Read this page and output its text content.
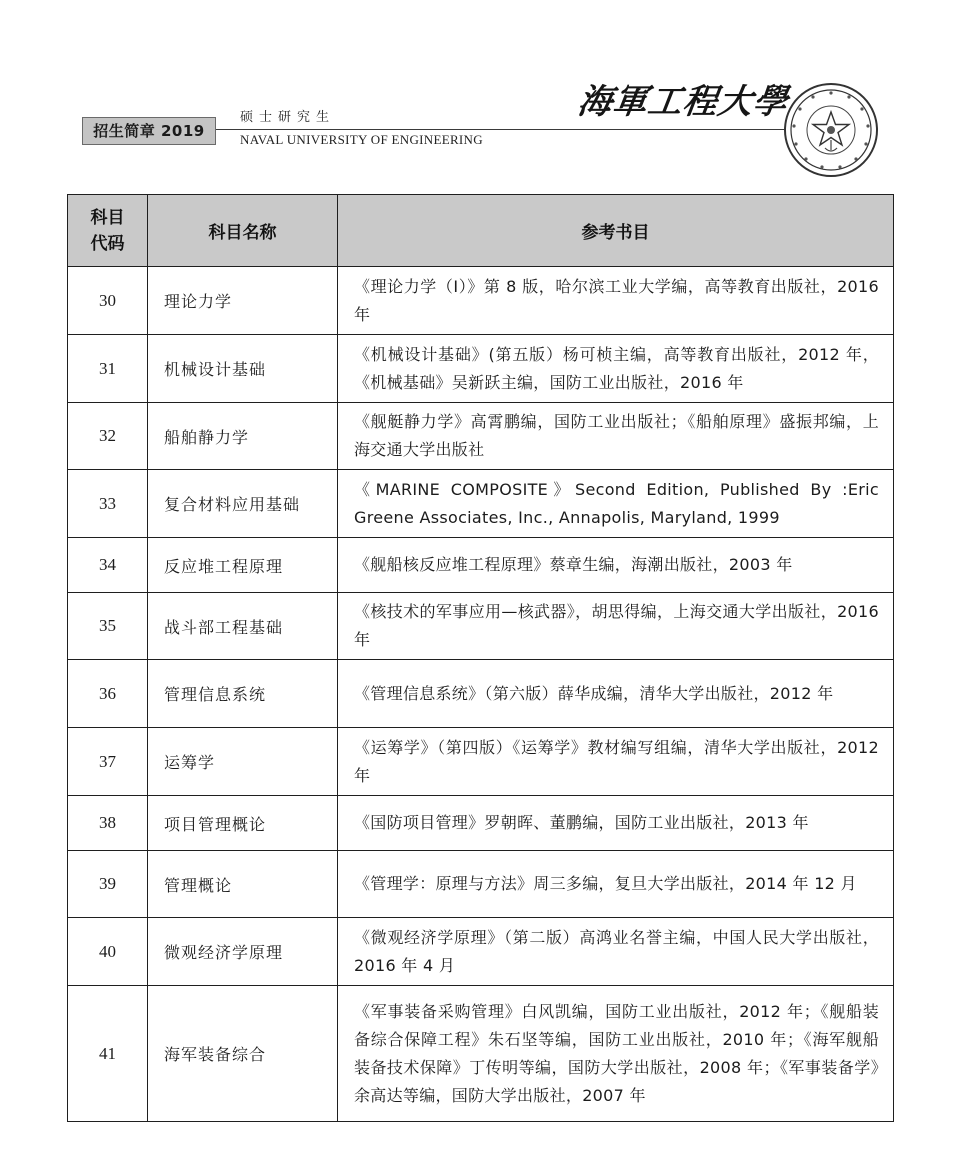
招生简章 2019
硕士研究生
NAVAL UNIVERSITY OF ENGINEERING
海軍工程大學
科目
代码	科目名称	参考书目
30	理论力学	《理论力学（Ⅰ）》第 8 版，哈尔滨工业大学编，高等教育出版社，2016 年
31	机械设计基础	《机械设计基础》(第五版）杨可桢主编，高等教育出版社，2012 年，《机械基础》吴新跃主编，国防工业出版社，2016 年
32	船舶静力学	《舰艇静力学》高霄鹏编，国防工业出版社；《船舶原理》盛振邦编，上海交通大学出版社
33	复合材料应用基础	《MARINE COMPOSITE》Second Edition, Published By :Eric Greene Associates, Inc., Annapolis, Maryland, 1999
34	反应堆工程原理	《舰船核反应堆工程原理》蔡章生编，海潮出版社，2003 年
35	战斗部工程基础	《核技术的军事应用—核武器》，胡思得编，上海交通大学出版社，2016 年
36	管理信息系统	《管理信息系统》（第六版）薛华成编，清华大学出版社，2012 年
37	运筹学	《运筹学》（第四版）《运筹学》教材编写组编，清华大学出版社，2012 年
38	项目管理概论	《国防项目管理》罗朝晖、董鹏编，国防工业出版社，2013 年
39	管理概论	《管理学：原理与方法》周三多编，复旦大学出版社，2014 年 12 月
40	微观经济学原理	《微观经济学原理》（第二版）高鸿业名誉主编，中国人民大学出版社，2016 年 4 月
41	海军装备综合	《军事装备采购管理》白风凯编，国防工业出版社，2012 年；《舰船装备综合保障工程》朱石坚等编，国防工业出版社，2010 年；《海军舰船装备技术保障》丁传明等编，国防大学出版社，2008 年；《军事装备学》余高达等编，国防大学出版社，2007 年
